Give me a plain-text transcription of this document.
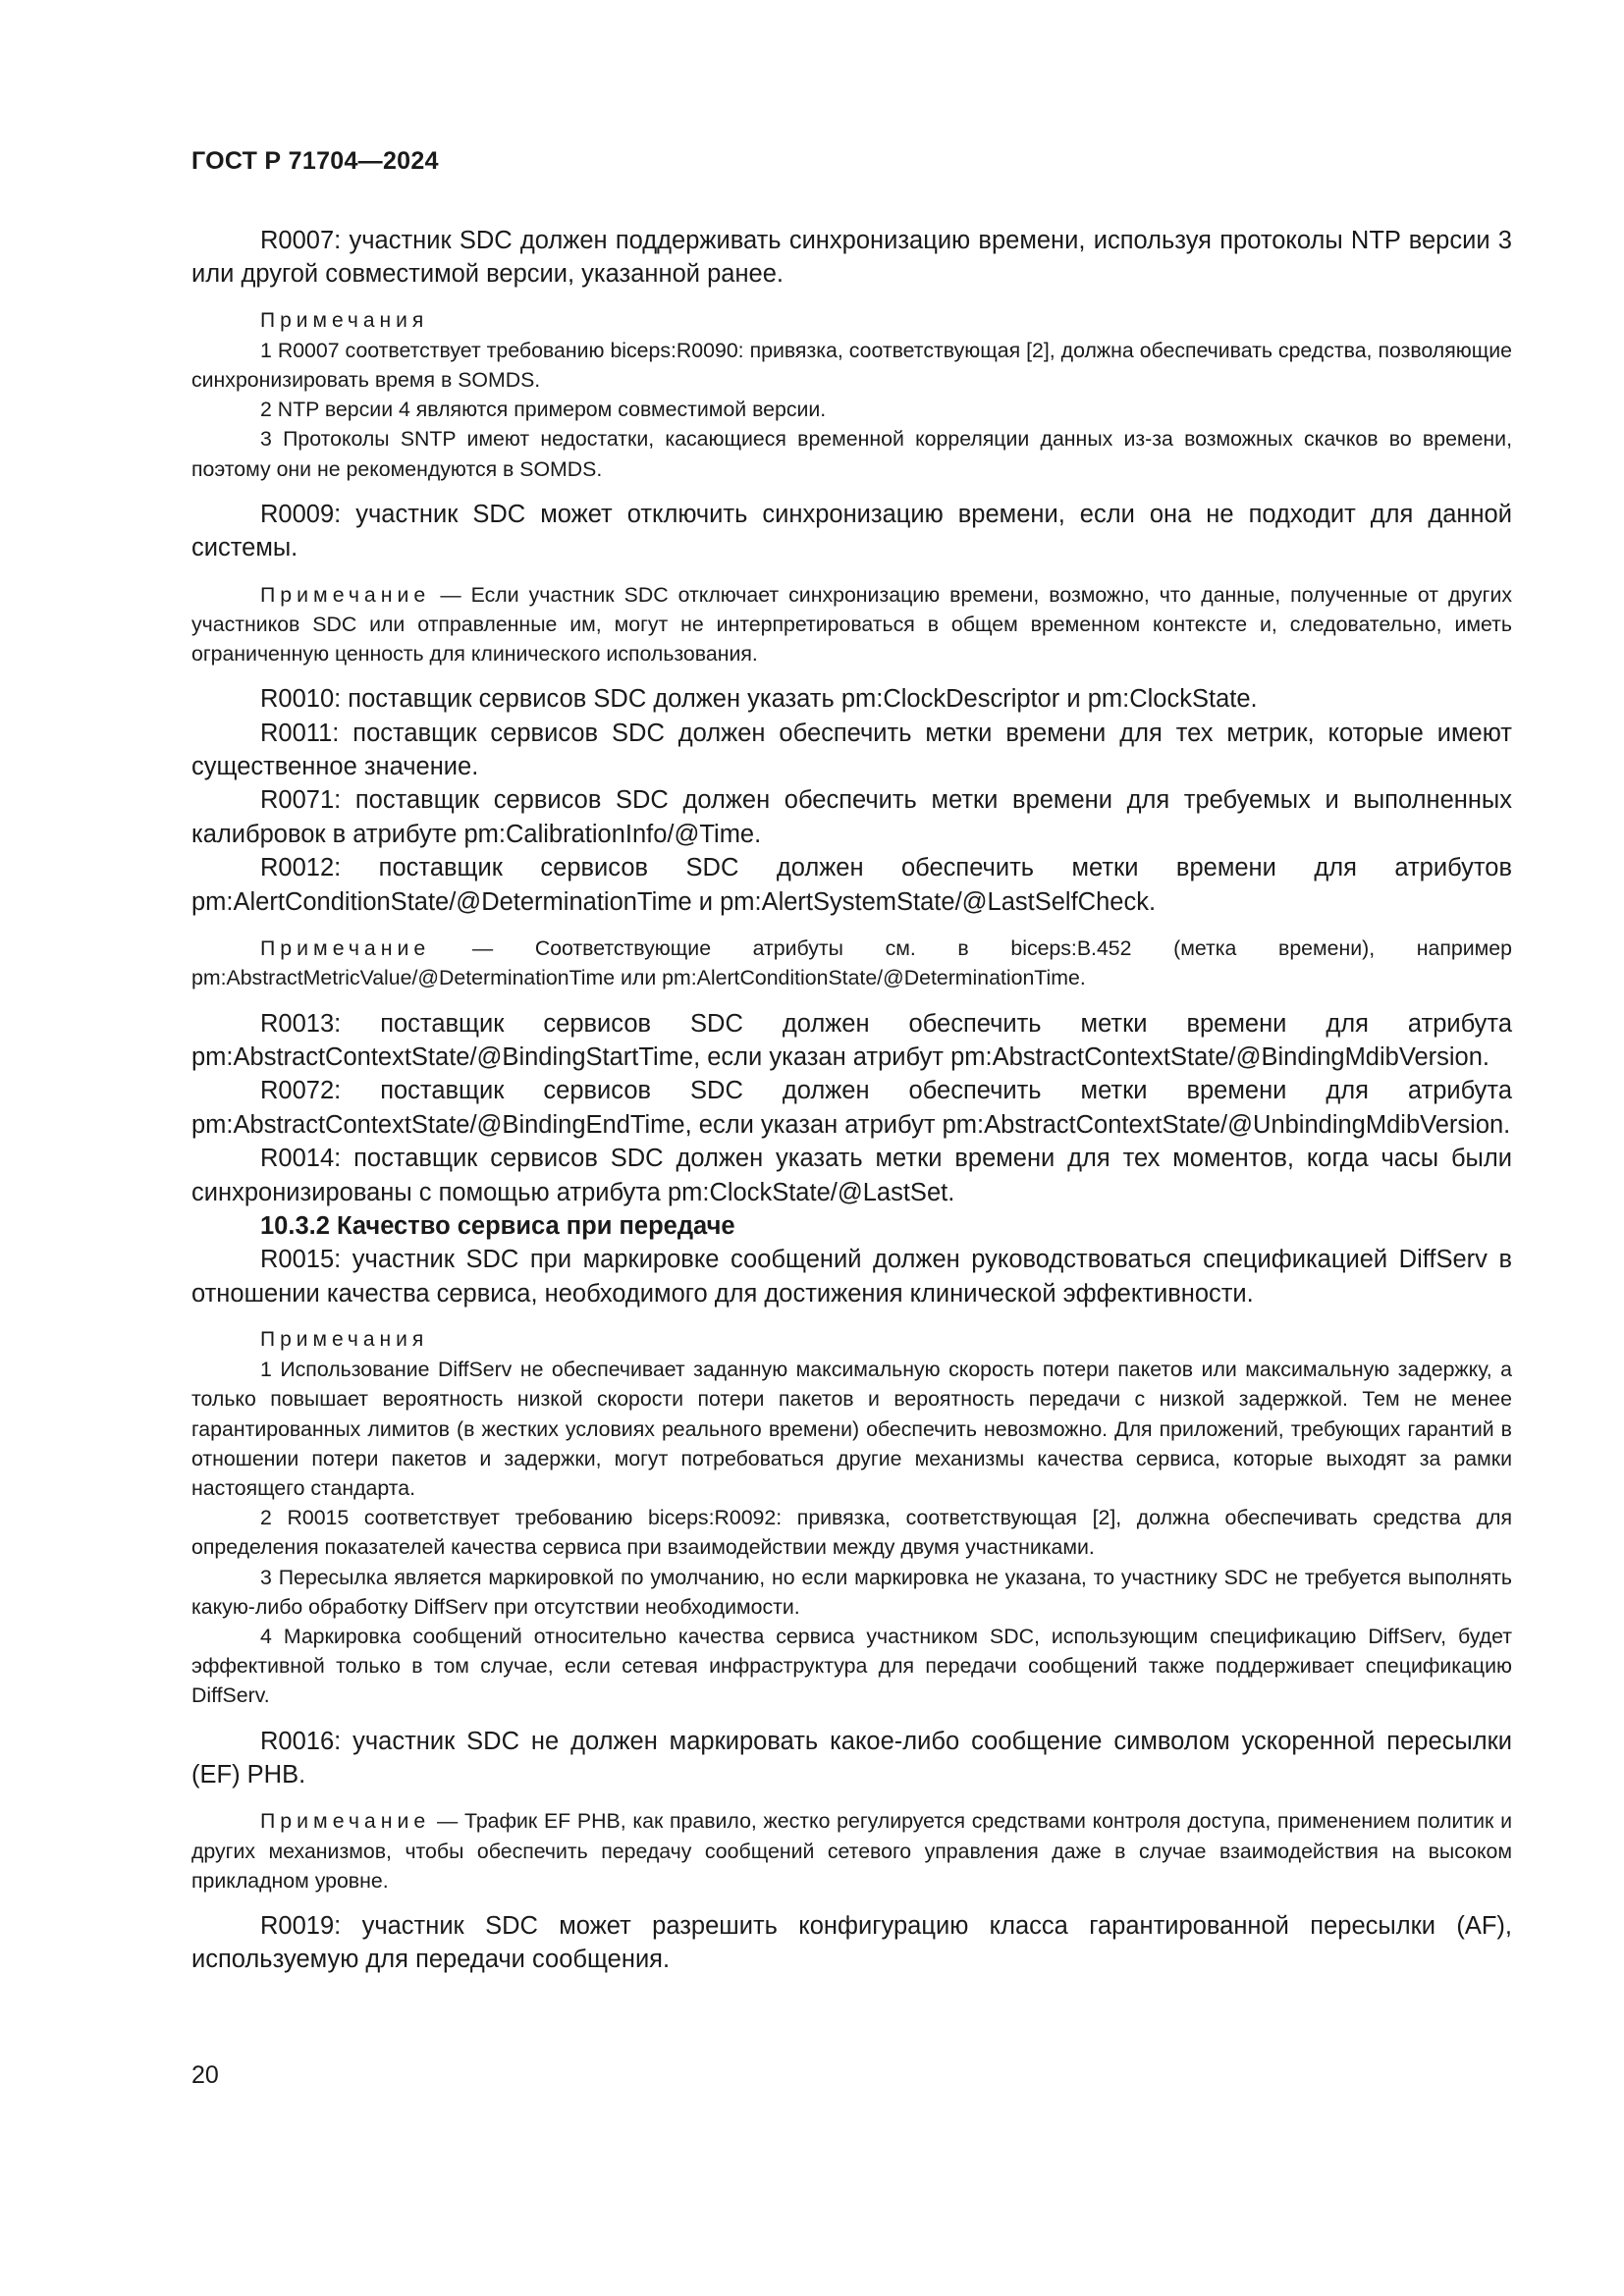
ГОСТ Р 71704—2024

R0007: участник SDC должен поддерживать синхронизацию времени, используя протоколы NTP версии 3 или другой совместимой версии, указанной ранее.

Примечания

1 R0007 соответствует требованию biceps:R0090: привязка, соответствующая [2], должна обеспечивать средства, позволяющие синхронизировать время в SOMDS.

2 NTP версии 4 являются примером совместимой версии.

3 Протоколы SNTP имеют недостатки, касающиеся временной корреляции данных из-за возможных скачков во времени, поэтому они не рекомендуются в SOMDS.

R0009: участник SDC может отключить синхронизацию времени, если она не подходит для данной системы.

Примечание — Если участник SDC отключает синхронизацию времени, возможно, что данные, полученные от других участников SDC или отправленные им, могут не интерпретироваться в общем временном контексте и, следовательно, иметь ограниченную ценность для клинического использования.

R0010: поставщик сервисов SDC должен указать pm:ClockDescriptor и pm:ClockState.

R0011: поставщик сервисов SDC должен обеспечить метки времени для тех метрик, которые имеют существенное значение.

R0071: поставщик сервисов SDC должен обеспечить метки времени для требуемых и выполненных калибровок в атрибуте pm:CalibrationInfo/@Time.

R0012: поставщик сервисов SDC должен обеспечить метки времени для атрибутов pm:AlertConditionState/@DeterminationTime и pm:AlertSystemState/@LastSelfCheck.

Примечание — Соответствующие атрибуты см. в biceps:B.452 (метка времени), например pm:AbstractMetricValue/@DeterminationTime или pm:AlertConditionState/@DeterminationTime.

R0013: поставщик сервисов SDC должен обеспечить метки времени для атрибута pm:AbstractContextState/@BindingStartTime, если указан атрибут pm:AbstractContextState/@BindingMdibVersion.

R0072: поставщик сервисов SDC должен обеспечить метки времени для атрибута pm:AbstractContextState/@BindingEndTime, если указан атрибут pm:AbstractContextState/@UnbindingMdibVersion.

R0014: поставщик сервисов SDC должен указать метки времени для тех моментов, когда часы были синхронизированы с помощью атрибута pm:ClockState/@LastSet.

10.3.2 Качество сервиса при передаче

R0015: участник SDC при маркировке сообщений должен руководствоваться спецификацией DiffServ в отношении качества сервиса, необходимого для достижения клинической эффективности.

Примечания

1 Использование DiffServ не обеспечивает заданную максимальную скорость потери пакетов или максимальную задержку, а только повышает вероятность низкой скорости потери пакетов и вероятность передачи с низкой задержкой. Тем не менее гарантированных лимитов (в жестких условиях реального времени) обеспечить невозможно. Для приложений, требующих гарантий в отношении потери пакетов и задержки, могут потребоваться другие механизмы качества сервиса, которые выходят за рамки настоящего стандарта.

2 R0015 соответствует требованию biceps:R0092: привязка, соответствующая [2], должна обеспечивать средства для определения показателей качества сервиса при взаимодействии между двумя участниками.

3 Пересылка является маркировкой по умолчанию, но если маркировка не указана, то участнику SDC не требуется выполнять какую-либо обработку DiffServ при отсутствии необходимости.

4 Маркировка сообщений относительно качества сервиса участником SDC, использующим спецификацию DiffServ, будет эффективной только в том случае, если сетевая инфраструктура для передачи сообщений также поддерживает спецификацию DiffServ.

R0016: участник SDC не должен маркировать какое-либо сообщение символом ускоренной пересылки (EF) PHB.

Примечание — Трафик EF PHB, как правило, жестко регулируется средствами контроля доступа, применением политик и других механизмов, чтобы обеспечить передачу сообщений сетевого управления даже в случае взаимодействия на высоком прикладном уровне.

R0019: участник SDC может разрешить конфигурацию класса гарантированной пересылки (AF), используемую для передачи сообщения.

20
